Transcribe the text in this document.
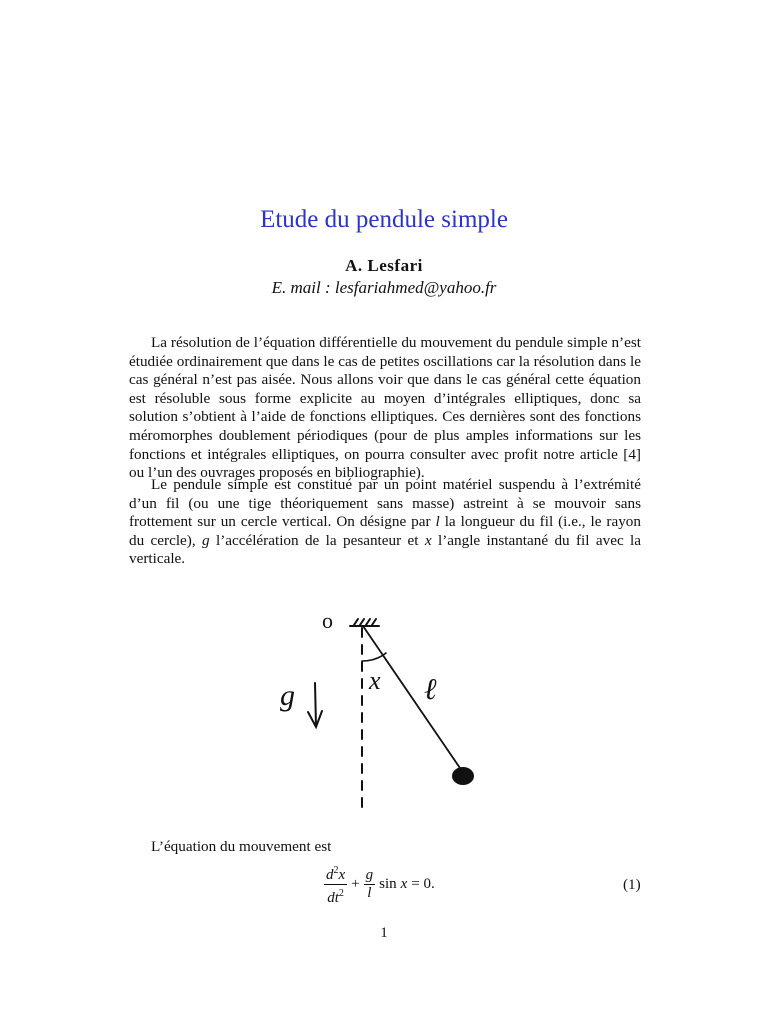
Etude du pendule simple
A. Lesfari
E. mail : lesfariahmed@yahoo.fr

La résolution de l’équation différentielle du mouvement du pendule simple n’est étudiée ordinairement que dans le cas de petites oscillations car la résolution dans le cas général n’est pas aisée. Nous allons voir que dans le cas général cette équation est résoluble sous forme explicite au moyen d’intégrales elliptiques, donc sa solution s’obtient à l’aide de fonctions elliptiques. Ces dernières sont des fonctions méromorphes doublement périodiques (pour de plus amples informations sur les fonctions et intégrales elliptiques, on pourra consulter avec profit notre article [4] ou l’un des ouvrages proposés en bibliographie).

Le pendule simple est constitué par un point matériel suspendu à l’extrémité d’un fil (ou une tige théoriquement sans masse) astreint à se mouvoir sans frottement sur un cercle vertical. On désigne par l la longueur du fil (i.e., le rayon du cercle), g l’accélération de la pesanteur et x l’angle instantané du fil avec la verticale.

o
g	x ℓ
L’équation du mouvement est
$\frac{d^2x}{dt^2} + \frac{g}{l}$ sin x = 0.	(1)
1
